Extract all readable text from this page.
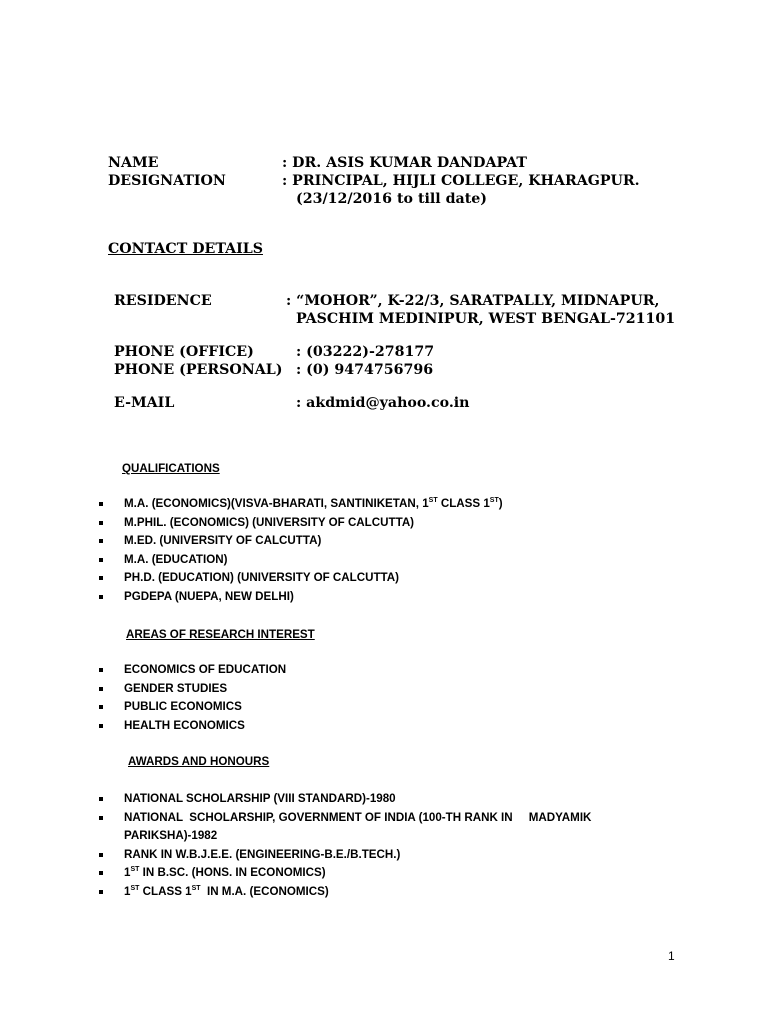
NAME	: DR. ASIS KUMAR DANDAPAT
DESIGNATION	: PRINCIPAL, HIJLI COLLEGE, KHARAGPUR.
(23/12/2016 to till date)
CONTACT DETAILS
RESIDENCE	: “MOHOR”, K-22/3, SARATPALLY, MIDNAPUR,
PASCHIM MEDINIPUR, WEST BENGAL-721101
PHONE (OFFICE)	: (03222)-278177
PHONE (PERSONAL) : (0) 9474756796
E-MAIL	: akdmid@yahoo.co.in
QUALIFICATIONS
M.A. (ECONOMICS)(VISVA-BHARATI, SANTINIKETAN, 1ST CLASS 1ST)
M.PHIL. (ECONOMICS) (UNIVERSITY OF CALCUTTA)
M.ED. (UNIVERSITY OF CALCUTTA)
M.A. (EDUCATION)
PH.D. (EDUCATION) (UNIVERSITY OF CALCUTTA)
PGDEPA (NUEPA, NEW DELHI)
AREAS OF RESEARCH INTEREST
ECONOMICS OF EDUCATION
GENDER STUDIES
PUBLIC ECONOMICS
HEALTH ECONOMICS
AWARDS AND HONOURS
NATIONAL SCHOLARSHIP (VIII STANDARD)-1980
NATIONAL  SCHOLARSHIP, GOVERNMENT OF INDIA (100-TH RANK IN     MADYAMIK
PARIKSHA)-1982
RANK IN W.B.J.E.E. (ENGINEERING-B.E./B.TECH.)
1ST IN B.SC. (HONS. IN ECONOMICS)
1ST CLASS 1ST  IN M.A. (ECONOMICS)
1
